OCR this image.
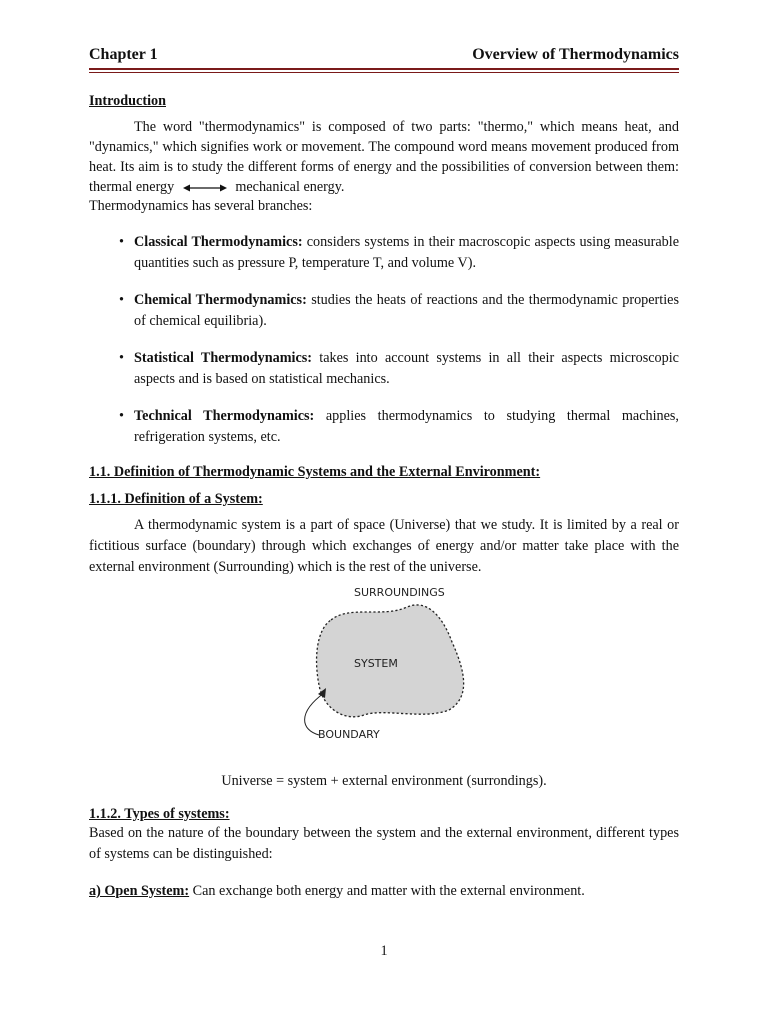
Chapter 1	Overview of Thermodynamics
Introduction
The word "thermodynamics" is composed of two parts: "thermo," which means heat, and "dynamics," which signifies work or movement. The compound word means movement produced from heat. Its aim is to study the different forms of energy and the possibilities of conversion between them: thermal energy	mechanical energy.
Thermodynamics has several branches:
• Classical Thermodynamics: considers systems in their macroscopic aspects using measurable quantities such as pressure P, temperature T, and volume V).
• Chemical Thermodynamics: studies the heats of reactions and the thermodynamic properties of chemical equilibria).
• Statistical Thermodynamics: takes into account systems in all their aspects microscopic aspects and is based on statistical mechanics.
• Technical Thermodynamics: applies thermodynamics to studying thermal machines, refrigeration systems, etc.
1.1. Definition of Thermodynamic Systems and the External Environment:
1.1.1. Definition of a System:
A thermodynamic system is a part of space (Universe) that we study. It is limited by a real or fictitious surface (boundary) through which exchanges of energy and/or matter take place with the external environment (Surrounding) which is the rest of the universe.
SURROUNDINGS
SYSTEM
BOUNDARY
Universe = system + external environment (surrondings).
1.1.2. Types of systems:
Based on the nature of the boundary between the system and the external environment, different types of systems can be distinguished:
a) Open System: Can exchange both energy and matter with the external environment.
1
